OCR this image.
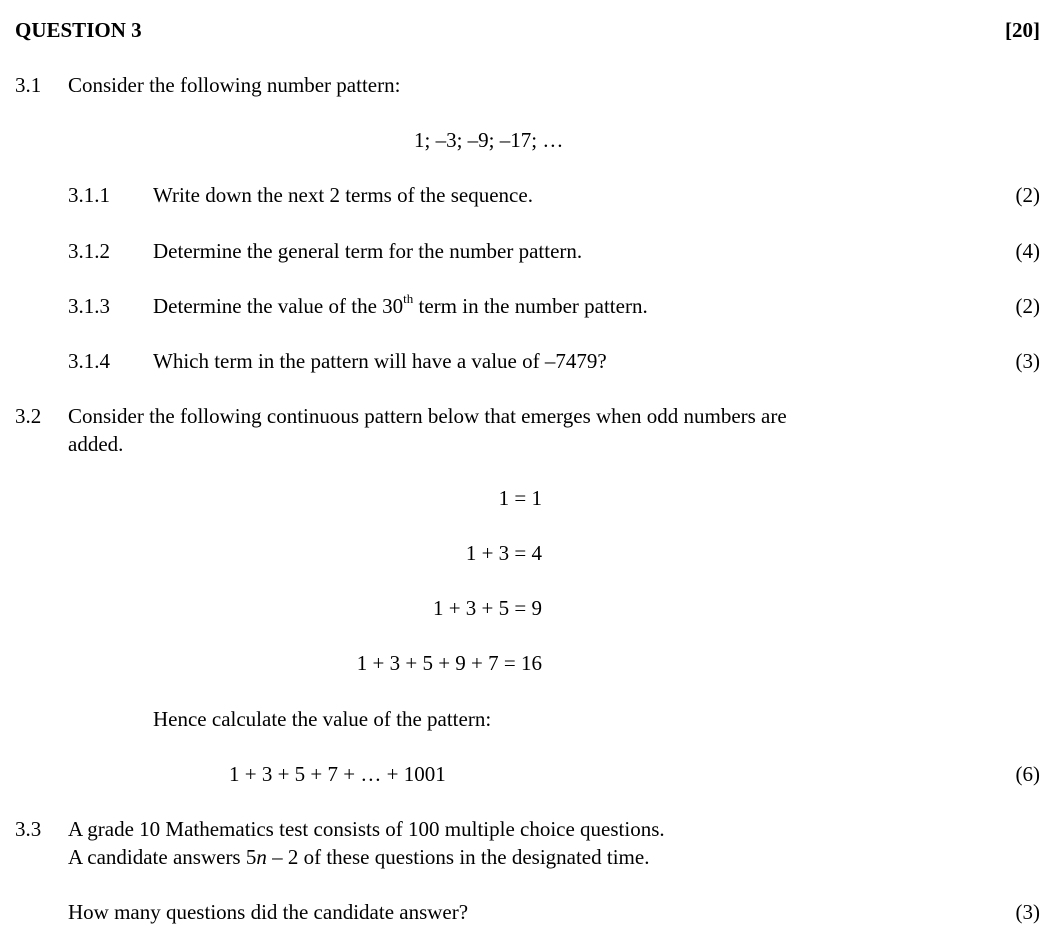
QUESTION 3	[20]
3.1 Consider the following number pattern:
1; –3; –9; –17; …
3.1.1 Write down the next 2 terms of the sequence.	(2)
3.1.2 Determine the general term for the number pattern.	(4)
3.1.3 Determine the value of the 30th term in the number pattern.	(2)
3.1.4 Which term in the pattern will have a value of –7479?	(3)
3.2 Consider the following continuous pattern below that emerges when odd numbers are
added.
1 = 1
1 + 3 = 4
1 + 3 + 5 = 9
1 + 3 + 5 + 9 + 7 = 16
Hence calculate the value of the pattern:
1 + 3 + 5 + 7 + … + 1001	(6)
3.3 A grade 10 Mathematics test consists of 100 multiple choice questions.
A candidate answers 5n – 2 of these questions in the designated time.
How many questions did the candidate answer?	(3)
